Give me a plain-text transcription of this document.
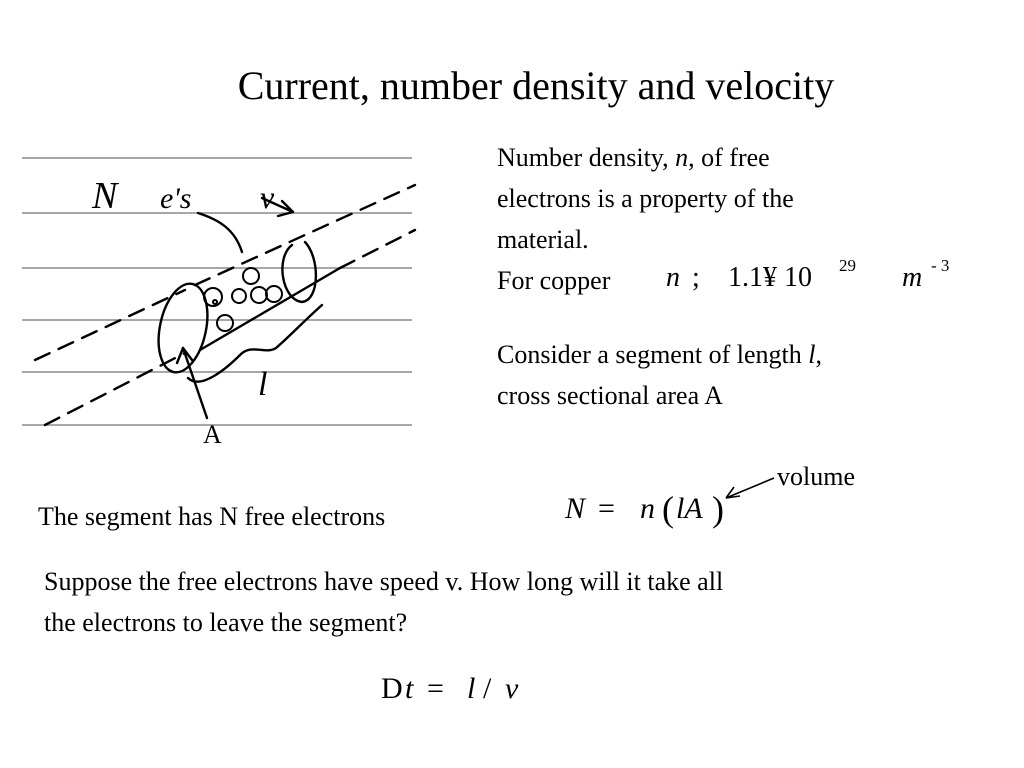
Current, number density and velocity
N e's v
l
A
Number density, n, of free
electrons is a property of the
material.
For copper	n ; 1.1¥ 10 29 m - 3
Consider a segment of length l,
cross sectional area A
volume
The segment has N free electrons	N = n ( lA )
Suppose the free electrons have speed v. How long will it take all
the electrons to leave the segment?
D t = l / v
